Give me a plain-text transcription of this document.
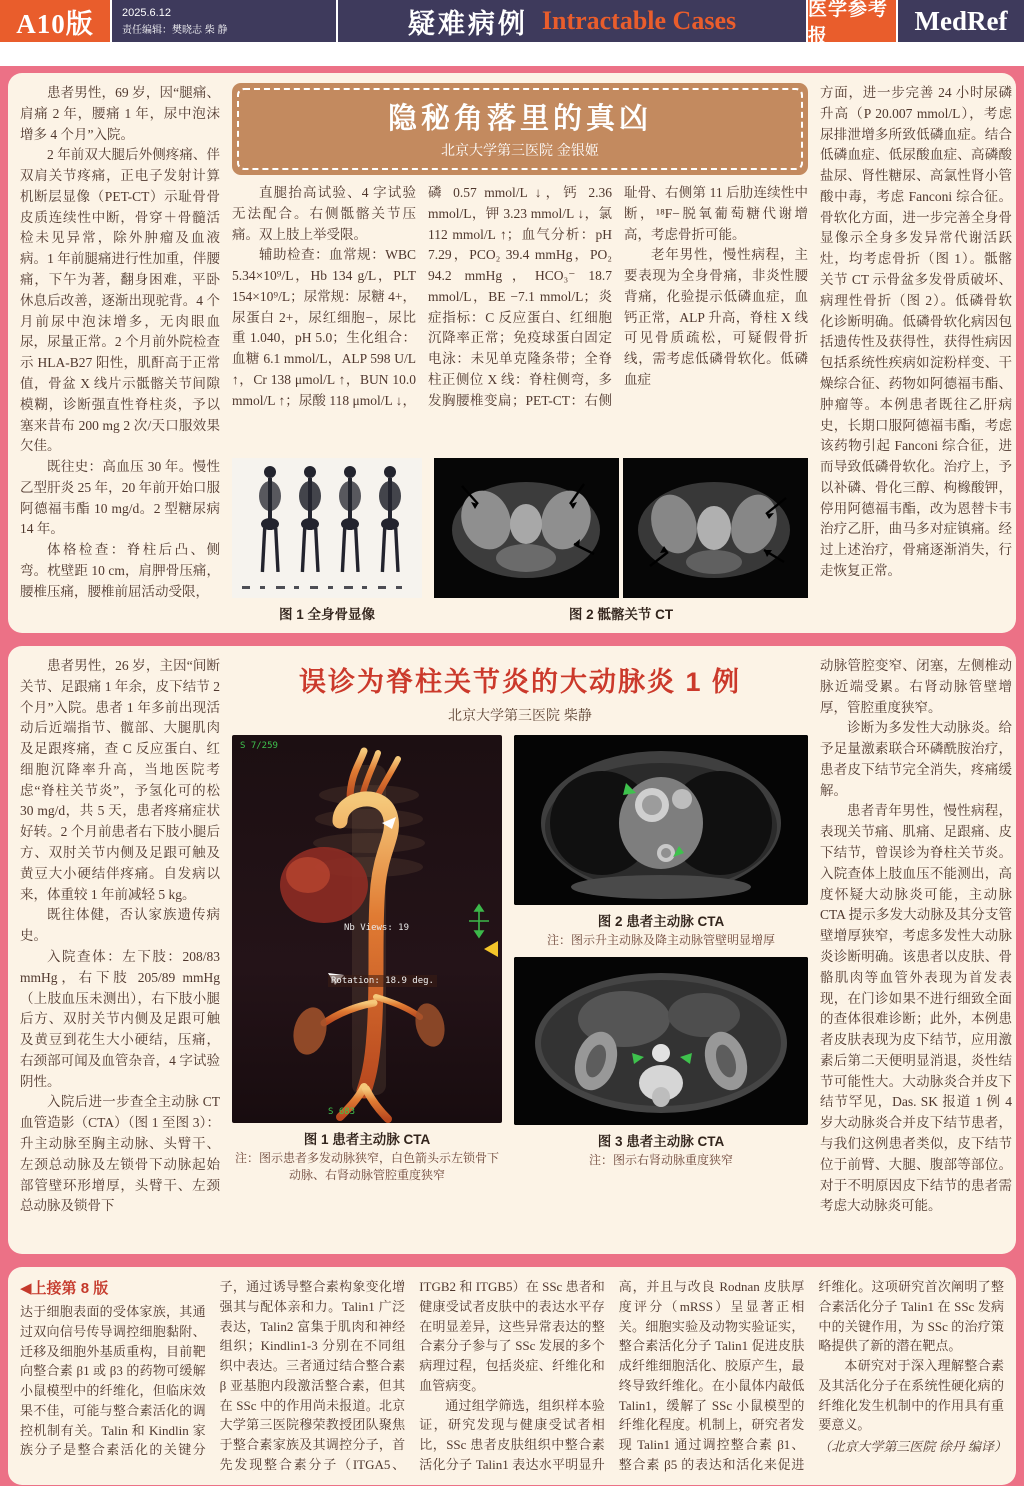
A10版	2025.6.12
责任编辑：樊晓志 柴 静	疑难病例 Intractable Cases	医学参考报
MedRef

患者男性，69 岁，因“腿痛、肩痛 2 年，腰痛 1 年，尿中泡沫增多 4 个月”入院。

2 年前双大腿后外侧疼痛、伴双肩关节疼痛，正电子发射计算机断层显像（PET-CT）示耻骨骨皮质连续性中断，骨穿＋骨髓活检未见异常，除外肿瘤及血液病。1 年前腿痛进行性加重，伴腰痛，下午为著，翻身困难，平卧休息后改善，逐渐出现驼背。4 个月前尿中泡沫增多，无肉眼血尿，尿量正常。2 个月前外院检查示 HLA-B27 阳性，肌酐高于正常值，骨盆 X 线片示骶髂关节间隙模糊，诊断强直性脊柱炎，予以塞来昔布 200 mg 2 次/天口服效果欠佳。

既往史：高血压 30 年。慢性乙型肝炎 25 年，20 年前开始口服阿德福韦酯 10 mg/d。2 型糖尿病 14 年。

体格检查：脊柱后凸、侧弯。枕壁距 10 cm，肩胛骨压痛，腰椎压痛，腰椎前屈活动受限，

隐秘角落里的真凶
北京大学第三医院 金银姬

直腿抬高试验、4 字试验无法配合。右侧骶髂关节压痛。双上肢上举受限。

辅助检查：血常规：WBC 5.34×10⁹/L，Hb 134 g/L，PLT 154×10⁹/L；尿常规：尿糖 4+，尿蛋白 2+，尿红细胞−，尿比重 1.040，pH 5.0；生化组合：血糖 6.1 mmol/L，ALP 598 U/L ↑，Cr 138 μmol/L ↑，BUN 10.0 mmol/L ↑；尿酸 118 μmol/L ↓，磷 0.57 mmol/L ↓，钙 2.36 mmol/L，钾 3.23 mmol/L ↓，氯 112 mmol/L ↑；血气分析：pH 7.29，PCO₂ 39.4 mmHg，PO₂ 94.2 mmHg，HCO₃⁻ 18.7 mmol/L，BE −7.1 mmol/L；炎症指标：C 反应蛋白、红细胞沉降率正常；免疫球蛋白固定电泳：未见单克隆条带；全脊柱正侧位 X 线：脊柱侧弯，多发胸腰椎变扁；PET-CT：右侧耻骨、右侧第 11 后肋连续性中断，¹⁸F−脱氧葡萄糖代谢增高，考虑骨折可能。

老年男性，慢性病程，主要表现为全身骨痛，非炎性腰背痛，化验提示低磷血症，血钙正常，ALP 升高，脊柱 X 线可见骨质疏松，可疑假骨折线，需考虑低磷骨软化。低磷血症

图 1 全身骨显像	图 2 骶髂关节 CT

方面，进一步完善 24 小时尿磷升高（P 20.007 mmol/L），考虑尿排泄增多所致低磷血症。结合低磷血症、低尿酸血症、高磷酸盐尿、肾性糖尿、高氯性肾小管酸中毒，考虑 Fanconi 综合征。骨软化方面，进一步完善全身骨显像示全身多发异常代谢活跃灶，均考虑骨折（图 1）。骶髂关节 CT 示骨盆多发骨质破坏、病理性骨折（图 2）。低磷骨软化诊断明确。低磷骨软化病因包括遗传性及获得性，获得性病因包括系统性疾病如淀粉样变、干燥综合征、药物如阿德福韦酯、肿瘤等。本例患者既往乙肝病史，长期口服阿德福韦酯，考虑该药物引起 Fanconi 综合征，进而导致低磷骨软化。治疗上，予以补磷、骨化三醇、枸橼酸钾，停用阿德福韦酯，改为恩替卡韦治疗乙肝，曲马多对症镇痛。经过上述治疗，骨痛逐渐消失，行走恢复正常。

患者男性，26 岁，主因“间断关节、足跟痛 1 年余，皮下结节 2 个月”入院。患者 1 年多前出现活动后近端指节、髋部、大腿肌肉及足跟疼痛，查 C 反应蛋白、红细胞沉降率升高，当地医院考虑“脊柱关节炎”，予氢化可的松 30 mg/d，共 5 天，患者疼痛症状好转。2 个月前患者右下肢小腿后方、双肘关节内侧及足跟可触及黄豆大小硬结伴疼痛。自发病以来，体重较 1 年前减轻 5 kg。

既往体健，否认家族遗传病史。

入院查体：左下肢：208/83 mmHg，右下肢 205/89 mmHg（上肢血压未测出），右下肢小腿后方、双肘关节内侧及足跟可触及黄豆到花生大小硬结，压痛，右颈部可闻及血管杂音，4 字试验阴性。

入院后进一步查全主动脉 CT 血管造影（CTA）（图 1 至图 3）：升主动脉至胸主动脉、头臂干、左颈总动脉及左锁骨下动脉起始部管壁环形增厚，头臂干、左颈总动脉及锁骨下

误诊为脊柱关节炎的大动脉炎 1 例
北京大学第三医院 柴静
S 7/259
Nb Views: 19
Rotation: 18.9 deg.
S 683
图 1 患者主动脉 CTA
注：图示患者多发动脉狭窄，白色箭头示左锁骨下动脉、右肾动脉管腔重度狭窄
图 2 患者主动脉 CTA
注：图示升主动脉及降主动脉管壁明显增厚
图 3 患者主动脉 CTA
注：图示右肾动脉重度狭窄

动脉管腔变窄、闭塞，左侧椎动脉近端受累。右肾动脉管壁增厚，管腔重度狭窄。

诊断为多发性大动脉炎。给予足量激素联合环磷酰胺治疗，患者皮下结节完全消失，疼痛缓解。

患者青年男性，慢性病程，表现关节痛、肌痛、足跟痛、皮下结节，曾误诊为脊柱关节炎。入院查体上肢血压不能测出，高度怀疑大动脉炎可能，主动脉 CTA 提示多发大动脉及其分支管壁增厚狭窄，考虑多发性大动脉炎诊断明确。该患者以皮肤、骨骼肌肉等血管外表现为首发表现，在门诊如果不进行细致全面的查体很难诊断；此外，本例患者皮肤表现为皮下结节，应用激素后第二天便明显消退，炎性结节可能性大。大动脉炎合并皮下结节罕见，Das. SK 报道 1 例 4 岁大动脉炎合并皮下结节患者，与我们这例患者类似，皮下结节位于前臂、大腿、腹部等部位。对于不明原因皮下结节的患者需考虑大动脉炎可能。

◀上接第 8 版

达于细胞表面的受体家族，其通过双向信号传导调控细胞黏附、迁移及细胞外基质重构，目前靶向整合素 β1 或 β3 的药物可缓解小鼠模型中的纤维化，但临床效果不佳，可能与整合素活化的调控机制有关。Talin 和 Kindlin 家族分子是整合素活化的关键分子，通过诱导整合素构象变化增强其与配体亲和力。Talin1 广泛表达，Talin2 富集于肌肉和神经组织；Kindlin1-3 分别在不同组织中表达。三者通过结合整合素 β 亚基胞内段激活整合素，但其在 SSc 中的作用尚未报道。北京大学第三医院穆荣教授团队聚焦于整合素家族及其调控分子，首先发现整合素分子（ITGA5、ITGB2 和 ITGB5）在 SSc 患者和健康受试者皮肤中的表达水平存在明显差异，这些异常表达的整合素分子参与了 SSc 发展的多个病理过程，包括炎症、纤维化和血管病变。

通过组学筛选，组织样本验证，研究发现与健康受试者相比，SSc 患者皮肤组织中整合素活化分子 Talin1 表达水平明显升高，并且与改良 Rodnan 皮肤厚度评分（mRSS）呈显著正相关。细胞实验及动物实验证实，整合素活化分子 Talin1 促进皮肤成纤维细胞活化、胶原产生，最终导致纤维化。在小鼠体内敲低 Talin1，缓解了 SSc 小鼠模型的纤维化程度。机制上，研究者发现 Talin1 通过调控整合素 β1、整合素 β5 的表达和活化来促进纤维化。这项研究首次阐明了整合素活化分子 Talin1 在 SSc 发病中的关键作用，为 SSc 的治疗策略提供了新的潜在靶点。

本研究对于深入理解整合素及其活化分子在系统性硬化病的纤维化发生机制中的作用具有重要意义。

（北京大学第三医院 徐丹 编译）
